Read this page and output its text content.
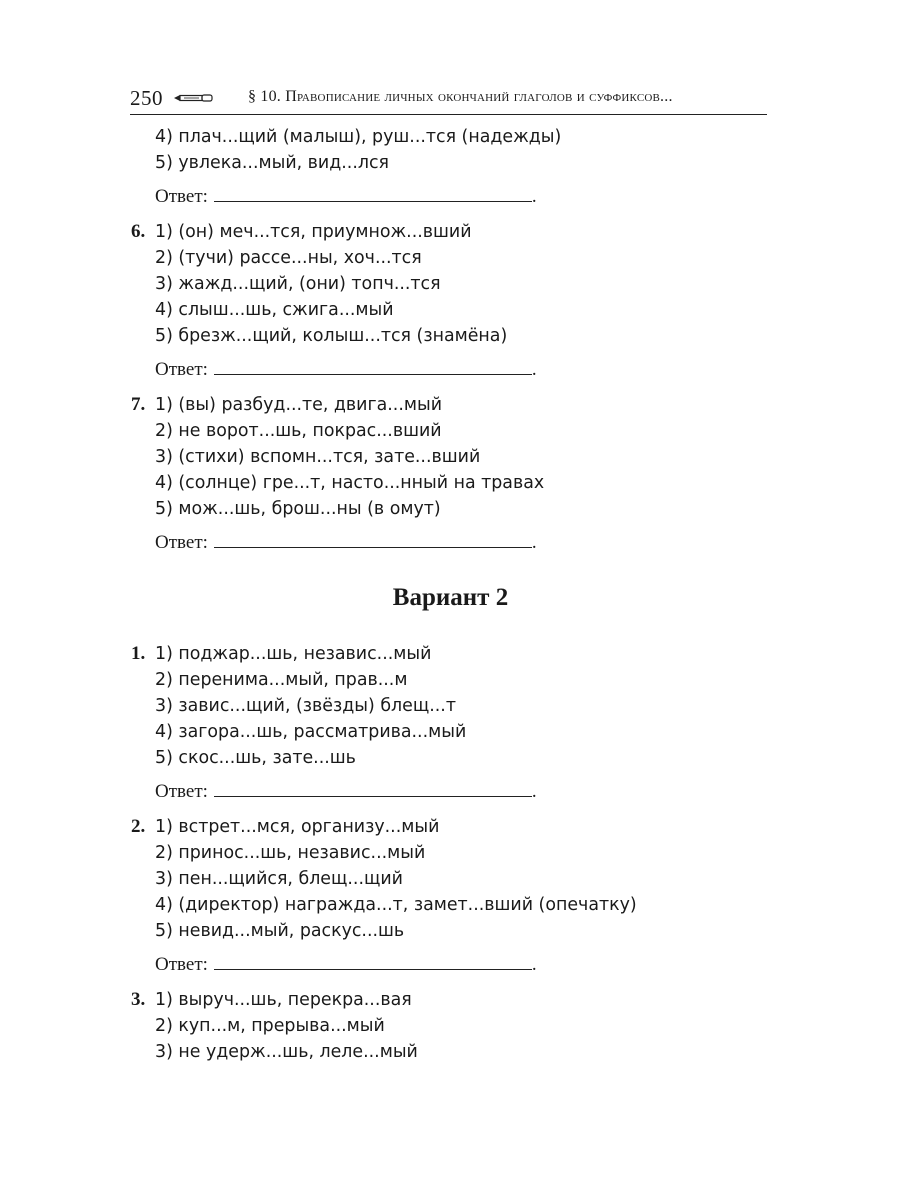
250	§ 10. Правописание личных окончаний глаголов и суффиксов...
4) плач...щий (малыш), руш...тся (надежды)
5) увлека...мый, вид...лся
Ответ:	.
6. 1) (он) меч...тся, приумнож...вший
2) (тучи) рассе...ны, хоч...тся
3) жажд...щий, (они) топч...тся
4) слыш...шь, сжига...мый
5) брезж...щий, колыш...тся (знамёна)
Ответ:	.
7. 1) (вы) разбуд...те, двига...мый
2) не ворот...шь, покрас...вший
3) (стихи) вспомн...тся, зате...вший
4) (солнце) гре...т, насто...нный на травах
5) мож...шь, брош...ны (в омут)
Ответ:	.
Вариант 2
1. 1) поджар...шь, независ...мый
2) перенима...мый, прав...м
3) завис...щий, (звёзды) блещ...т
4) загора...шь, рассматрива...мый
5) скос...шь, зате...шь
Ответ:	.
2. 1) встрет...мся, организу...мый
2) принос...шь, независ...мый
3) пен...щийся, блещ...щий
4) (директор) награжда...т, замет...вший (опечатку)
5) невид...мый, раскус...шь
Ответ:	.
3. 1) выруч...шь, перекра...вая
2) куп...м, прерыва...мый
3) не удерж...шь, леле...мый
